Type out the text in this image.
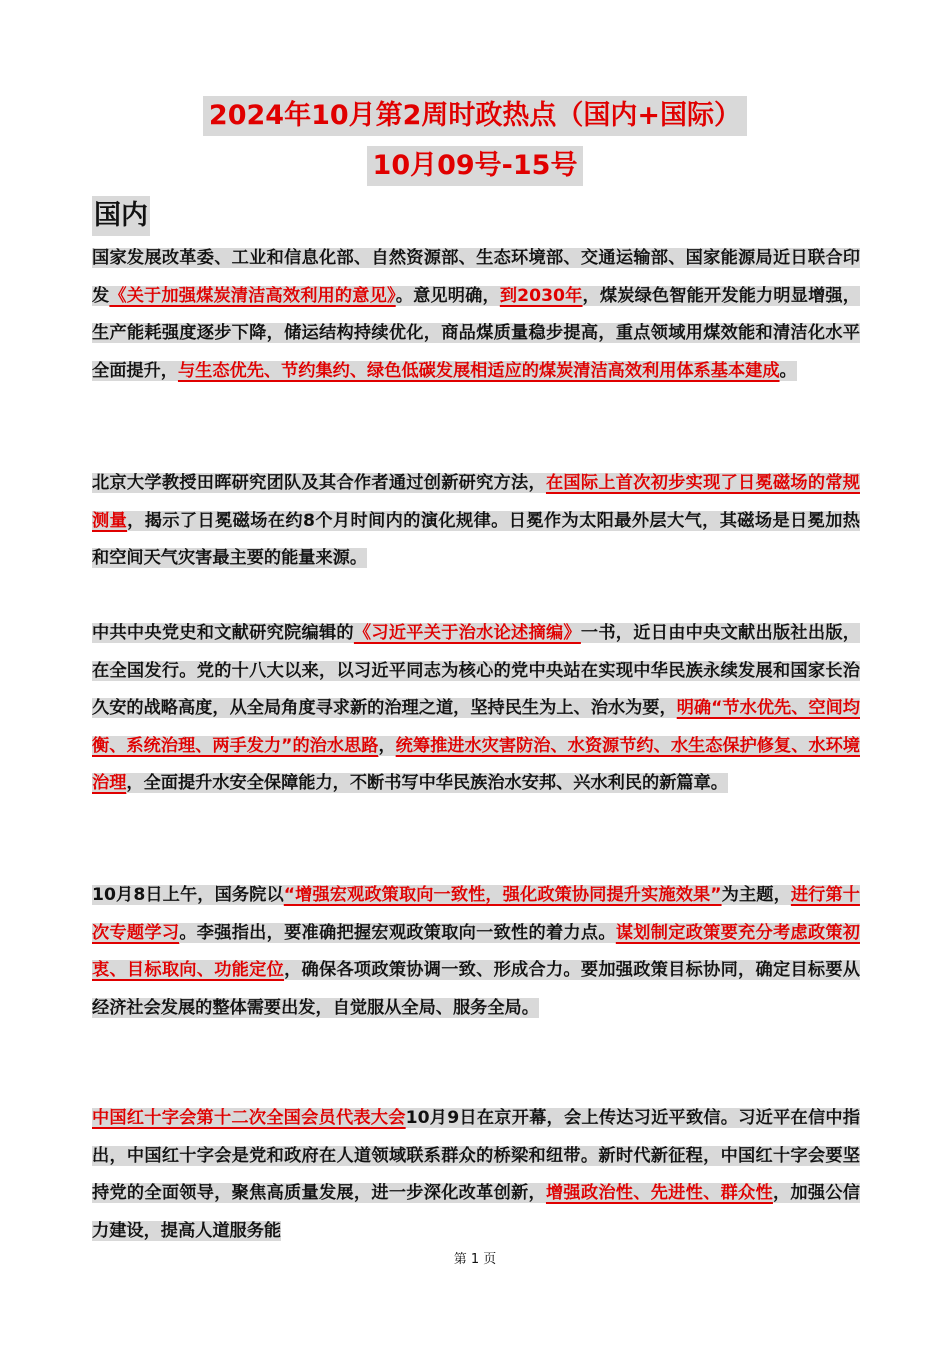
2024年10月第2周时政热点（国内+国际）
10月09号-15号
国内
国家发展改革委、工业和信息化部、自然资源部、生态环境部、交通运输部、国家能源局近日联合印发《关于加强煤炭清洁高效利用的意见》。意见明确，到2030年，煤炭绿色智能开发能力明显增强，生产能耗强度逐步下降，储运结构持续优化，商品煤质量稳步提高，重点领域用煤效能和清洁化水平全面提升，与生态优先、节约集约、绿色低碳发展相适应的煤炭清洁高效利用体系基本建成。
北京大学教授田晖研究团队及其合作者通过创新研究方法，在国际上首次初步实现了日冕磁场的常规测量，揭示了日冕磁场在约8个月时间内的演化规律。日冕作为太阳最外层大气，其磁场是日冕加热和空间天气灾害最主要的能量来源。
中共中央党史和文献研究院编辑的《习近平关于治水论述摘编》一书，近日由中央文献出版社出版，在全国发行。党的十八大以来，以习近平同志为核心的党中央站在实现中华民族永续发展和国家长治久安的战略高度，从全局角度寻求新的治理之道，坚持民生为上、治水为要，明确“节水优先、空间均衡、系统治理、两手发力”的治水思路，统筹推进水灾害防治、水资源节约、水生态保护修复、水环境治理，全面提升水安全保障能力，不断书写中华民族治水安邦、兴水利民的新篇章。
10月8日上午，国务院以“增强宏观政策取向一致性，强化政策协同提升实施效果”为主题，进行第十次专题学习。李强指出，要准确把握宏观政策取向一致性的着力点。谋划制定政策要充分考虑政策初衷、目标取向、功能定位，确保各项政策协调一致、形成合力。要加强政策目标协同，确定目标要从经济社会发展的整体需要出发，自觉服从全局、服务全局。
中国红十字会第十二次全国会员代表大会10月9日在京开幕，会上传达习近平致信。习近平在信中指出，中国红十字会是党和政府在人道领域联系群众的桥梁和纽带。新时代新征程，中国红十字会要坚持党的全面领导，聚焦高质量发展，进一步深化改革创新，增强政治性、先进性、群众性，加强公信力建设，提高人道服务能
第 1 页
